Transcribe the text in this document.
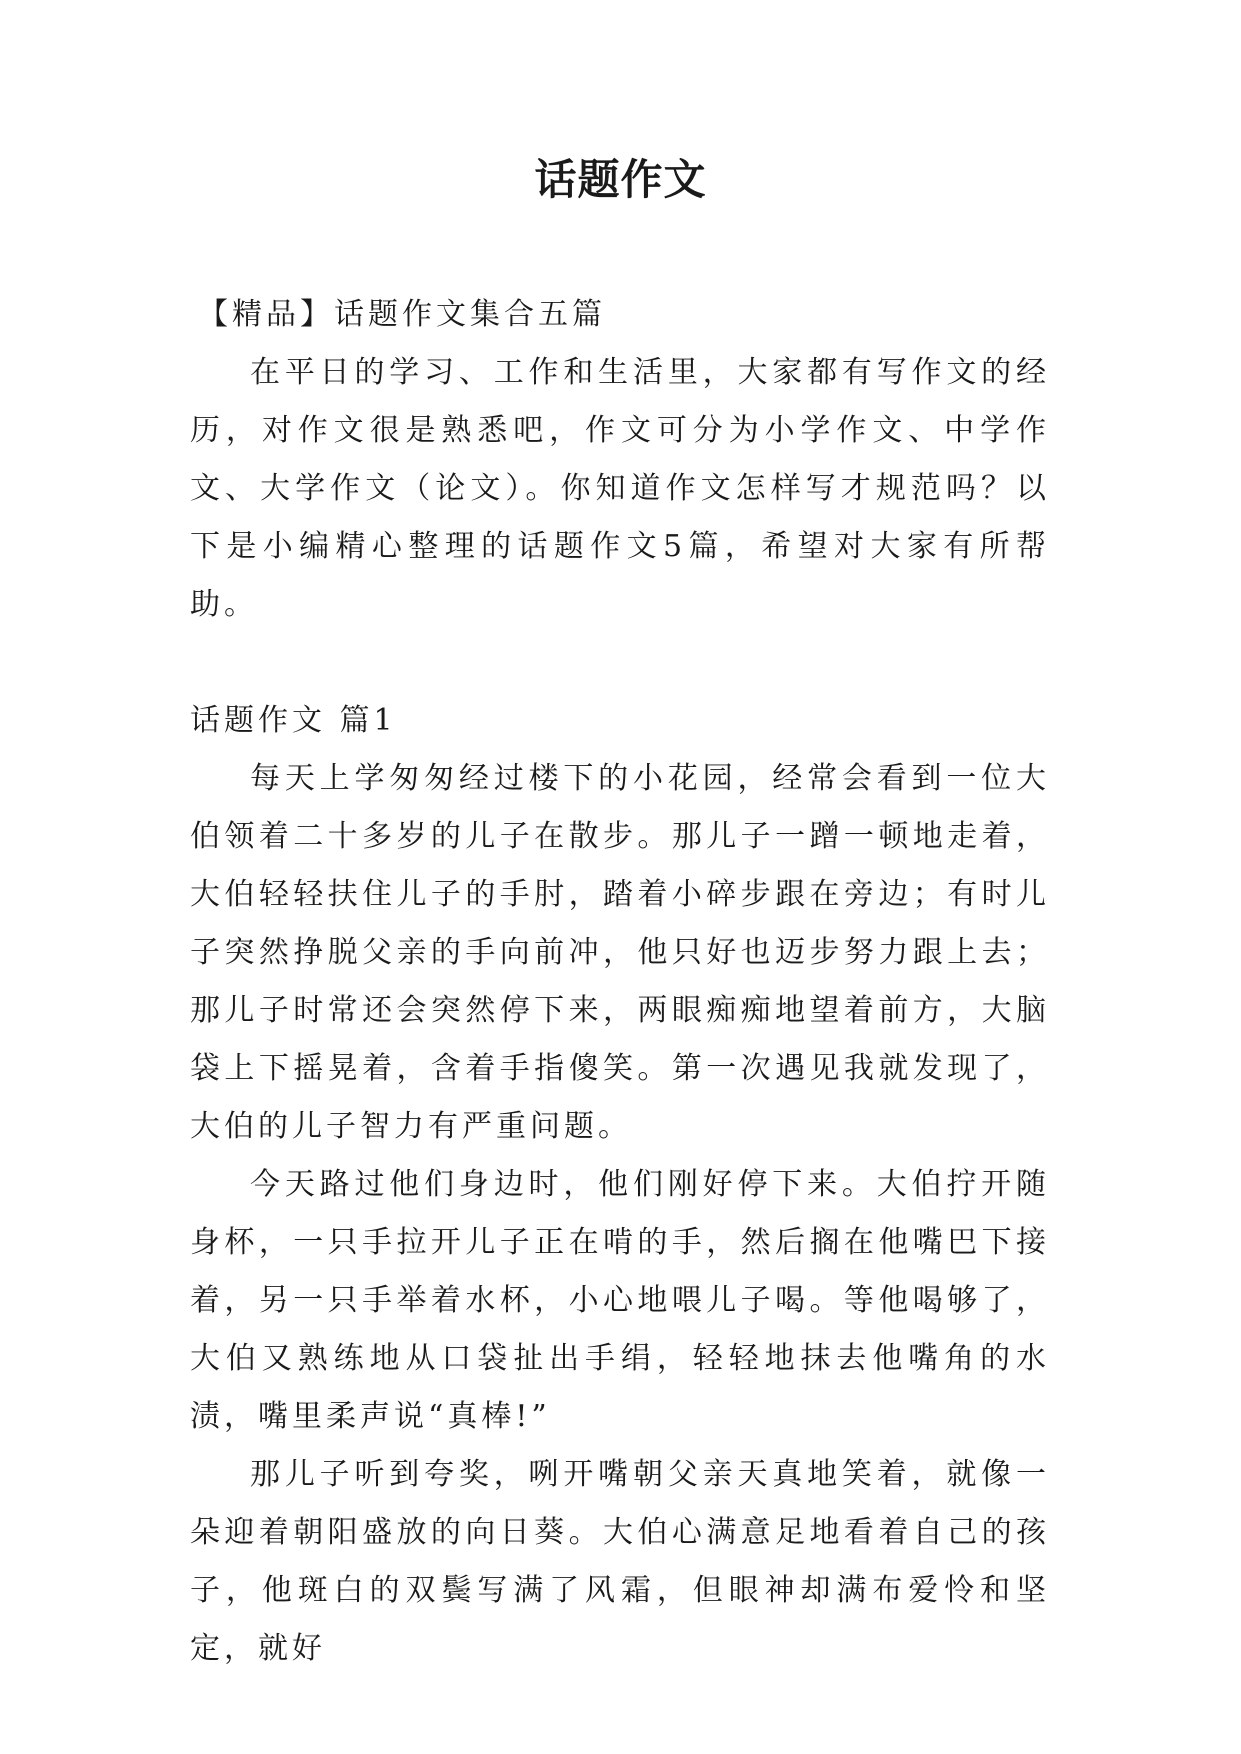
话题作文

【精品】话题作文集合五篇

在平日的学习、工作和生活里，大家都有写作文的经历，对作文很是熟悉吧，作文可分为小学作文、中学作文、大学作文（论文）。你知道作文怎样写才规范吗？以下是小编精心整理的话题作文5篇，希望对大家有所帮助。

话题作文 篇1

每天上学匆匆经过楼下的小花园，经常会看到一位大伯领着二十多岁的儿子在散步。那儿子一蹭一顿地走着，大伯轻轻扶住儿子的手肘，踏着小碎步跟在旁边；有时儿子突然挣脱父亲的手向前冲，他只好也迈步努力跟上去；那儿子时常还会突然停下来，两眼痴痴地望着前方，大脑袋上下摇晃着，含着手指傻笑。第一次遇见我就发现了，大伯的儿子智力有严重问题。

今天路过他们身边时，他们刚好停下来。大伯拧开随身杯，一只手拉开儿子正在啃的手，然后搁在他嘴巴下接着，另一只手举着水杯，小心地喂儿子喝。等他喝够了，大伯又熟练地从口袋扯出手绢，轻轻地抹去他嘴角的水渍，嘴里柔声说“真棒!”

那儿子听到夸奖，咧开嘴朝父亲天真地笑着，就像一朵迎着朝阳盛放的向日葵。大伯心满意足地看着自己的孩子，他斑白的双鬓写满了风霜，但眼神却满布爱怜和坚定，就好
